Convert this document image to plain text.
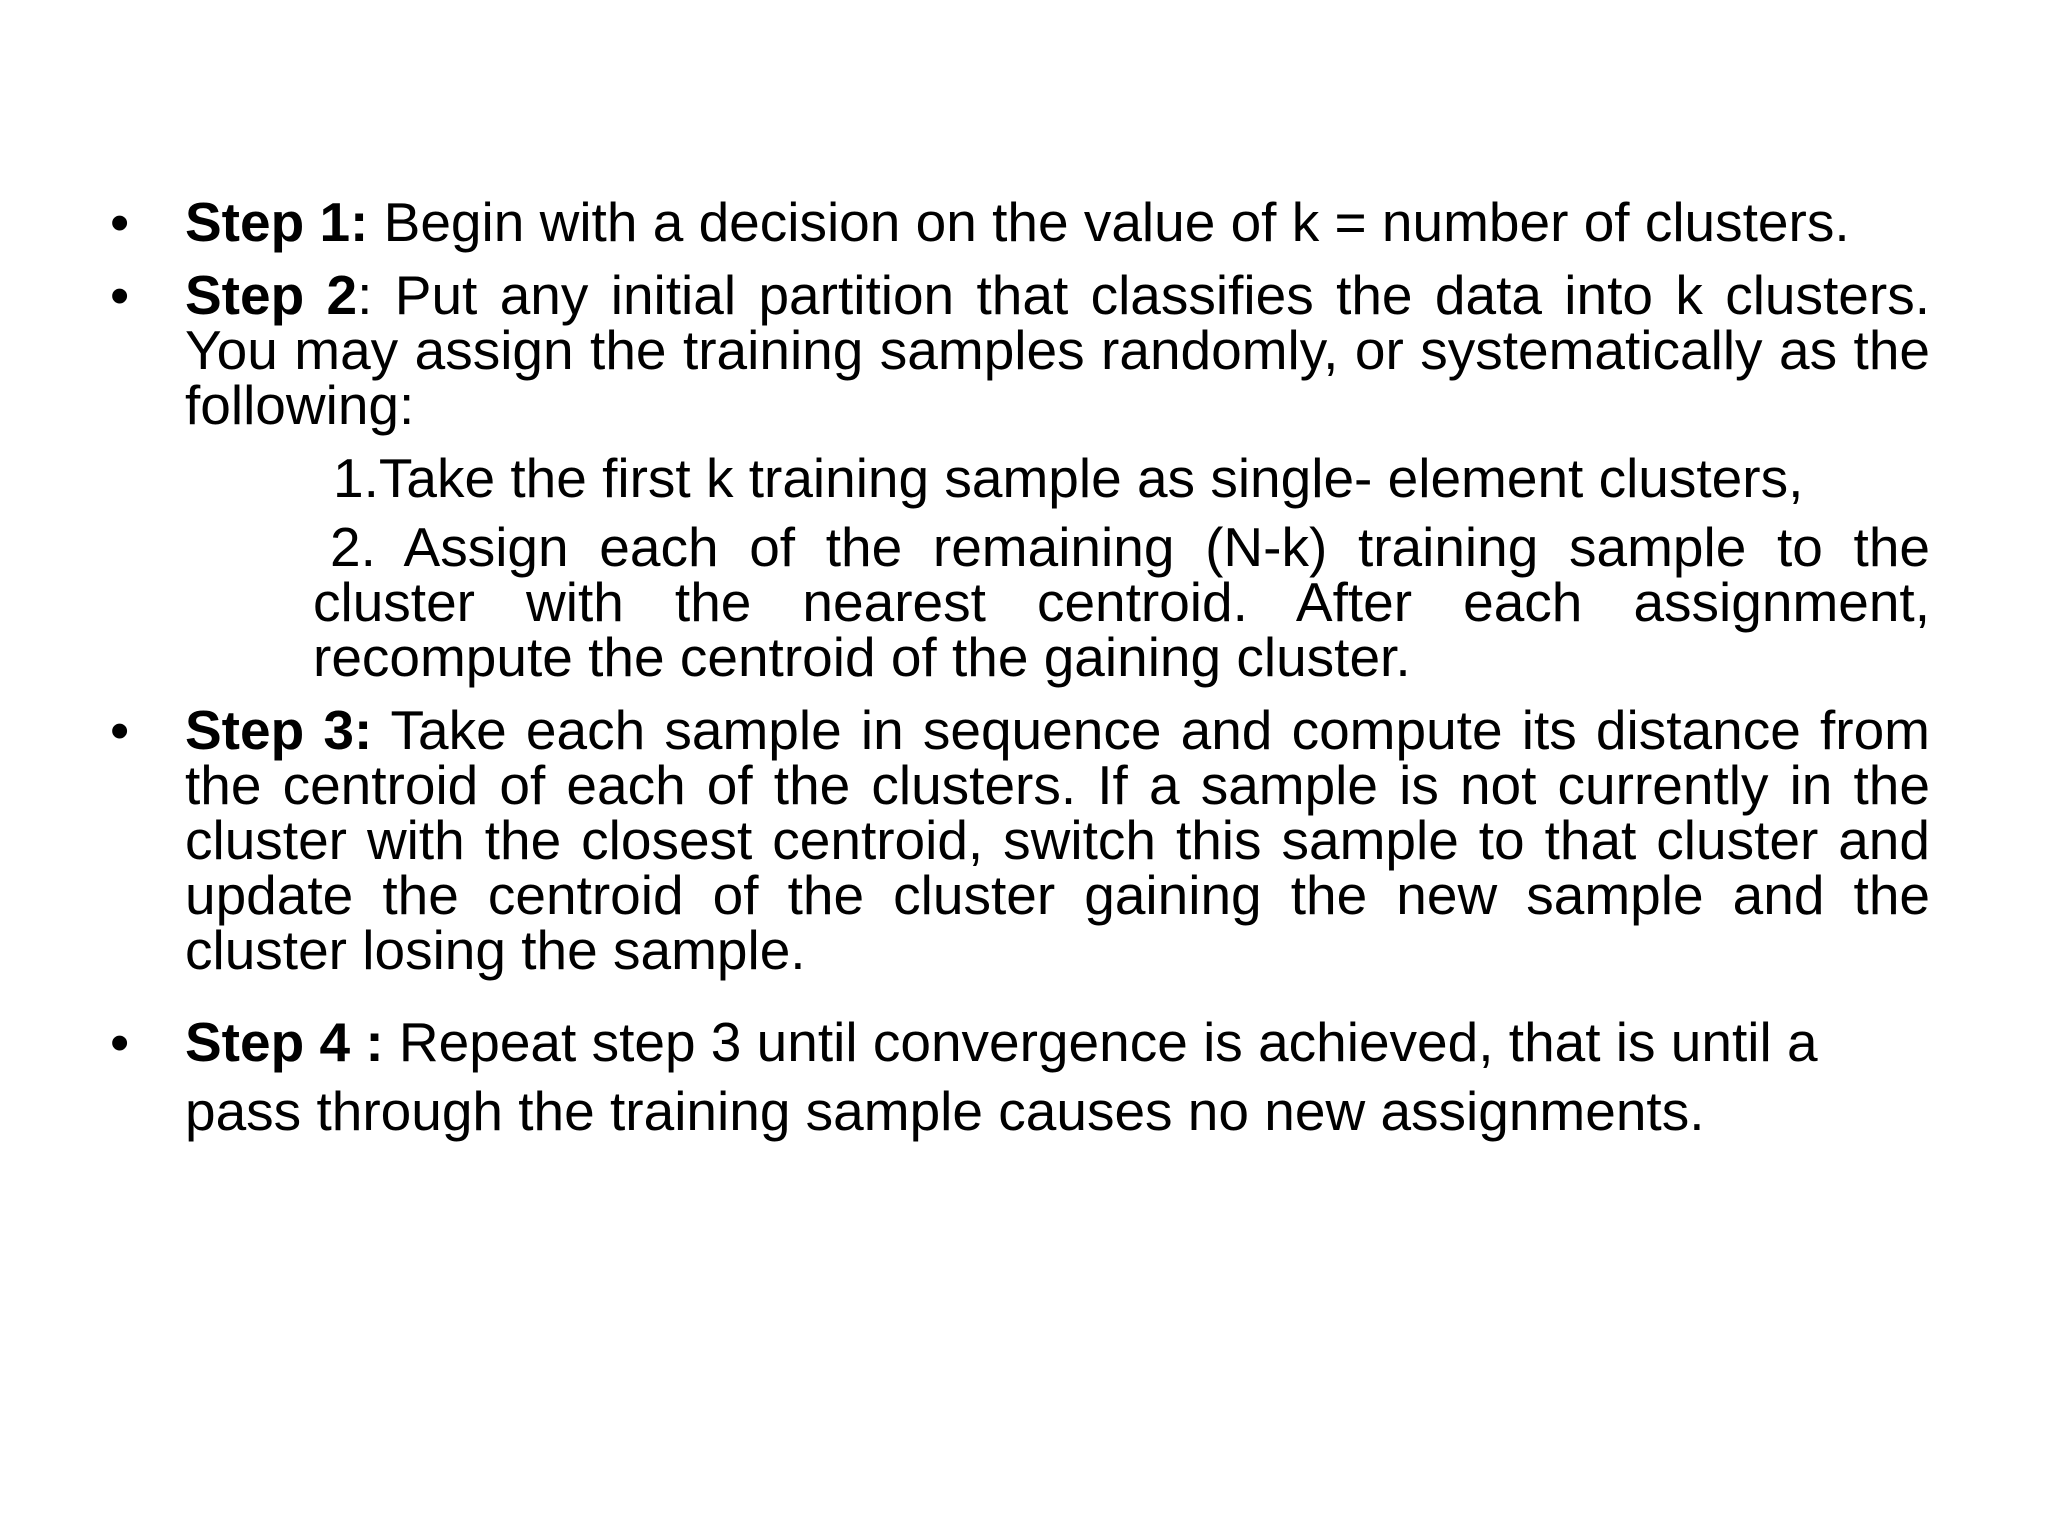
• Step 1: Begin with a decision on the value of k = number of clusters.
• Step 2: Put any initial partition that classifies the data into k clusters. You may assign the training samples randomly, or systematically as the following:
1.Take the first k training sample as single- element clusters,
2. Assign each of the remaining (N-k) training sample to the cluster with the nearest centroid. After each assignment, recompute the centroid of the gaining cluster.
• Step 3: Take each sample in sequence and compute its distance from the centroid of each of the clusters. If a sample is not currently in the cluster with the closest centroid, switch this sample to that cluster and update the centroid of the cluster gaining the new sample and the cluster losing the sample.
• Step 4 : Repeat step 3 until convergence is achieved, that is until a pass through the training sample causes no new assignments.
